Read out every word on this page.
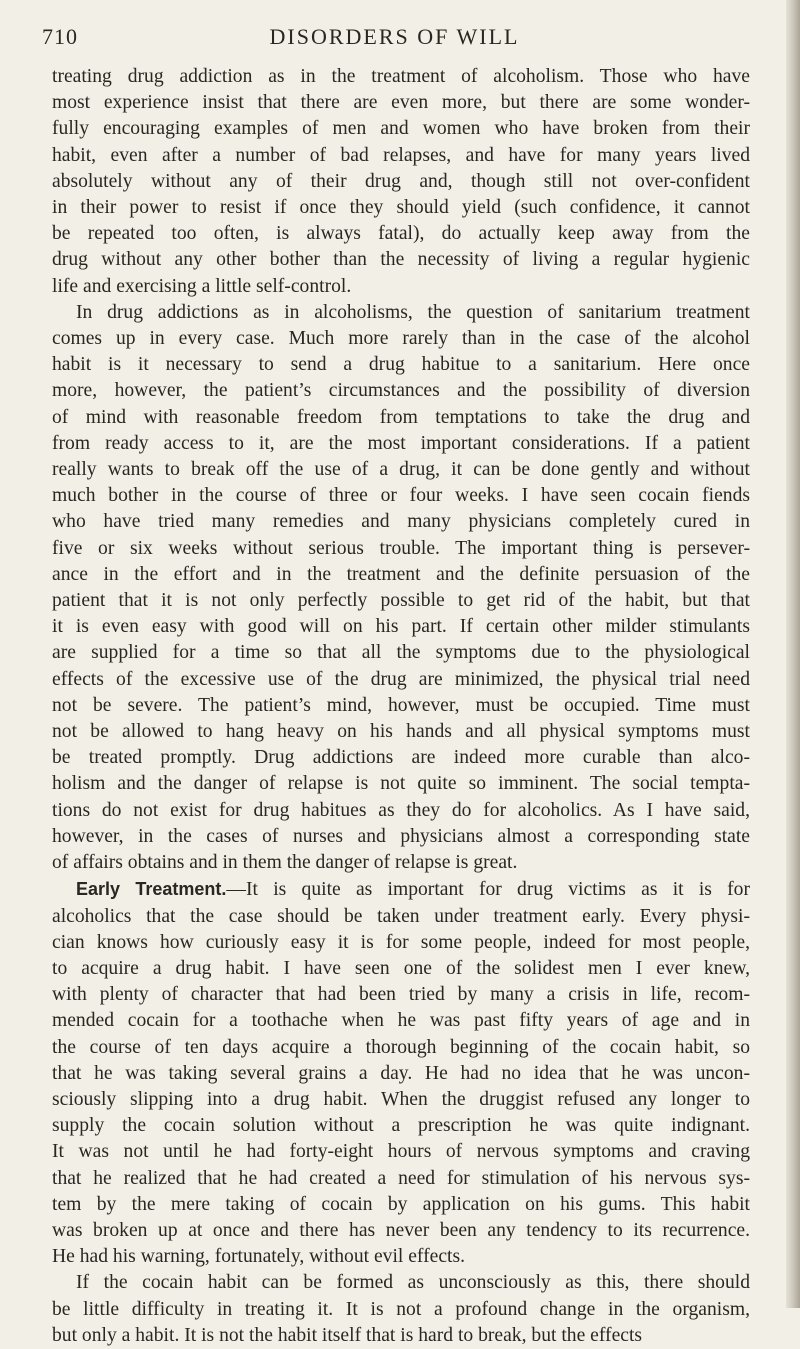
710	DISORDERS OF WILL
treating drug addiction as in the treatment of alcoholism. Those who have
most experience insist that there are even more, but there are some wonder-
fully encouraging examples of men and women who have broken from their
habit, even after a number of bad relapses, and have for many years lived
absolutely without any of their drug and, though still not over-confident
in their power to resist if once they should yield (such confidence, it cannot
be repeated too often, is always fatal), do actually keep away from the
drug without any other bother than the necessity of living a regular hygienic
life and exercising a little self-control.
In drug addictions as in alcoholisms, the question of sanitarium treatment
comes up in every case. Much more rarely than in the case of the alcohol
habit is it necessary to send a drug habitue to a sanitarium. Here once
more, however, the patient’s circumstances and the possibility of diversion
of mind with reasonable freedom from temptations to take the drug and
from ready access to it, are the most important considerations. If a patient
really wants to break off the use of a drug, it can be done gently and without
much bother in the course of three or four weeks. I have seen cocain fiends
who have tried many remedies and many physicians completely cured in
five or six weeks without serious trouble. The important thing is persever-
ance in the effort and in the treatment and the definite persuasion of the
patient that it is not only perfectly possible to get rid of the habit, but that
it is even easy with good will on his part. If certain other milder stimulants
are supplied for a time so that all the symptoms due to the physiological
effects of the excessive use of the drug are minimized, the physical trial need
not be severe. The patient’s mind, however, must be occupied. Time must
not be allowed to hang heavy on his hands and all physical symptoms must
be treated promptly. Drug addictions are indeed more curable than alco-
holism and the danger of relapse is not quite so imminent. The social tempta-
tions do not exist for drug habitues as they do for alcoholics. As I have said,
however, in the cases of nurses and physicians almost a corresponding state
of affairs obtains and in them the danger of relapse is great.
Early Treatment.—It is quite as important for drug victims as it is for
alcoholics that the case should be taken under treatment early. Every physi-
cian knows how curiously easy it is for some people, indeed for most people,
to acquire a drug habit. I have seen one of the solidest men I ever knew,
with plenty of character that had been tried by many a crisis in life, recom-
mended cocain for a toothache when he was past fifty years of age and in
the course of ten days acquire a thorough beginning of the cocain habit, so
that he was taking several grains a day. He had no idea that he was uncon-
sciously slipping into a drug habit. When the druggist refused any longer to
supply the cocain solution without a prescription he was quite indignant.
It was not until he had forty-eight hours of nervous symptoms and craving
that he realized that he had created a need for stimulation of his nervous sys-
tem by the mere taking of cocain by application on his gums. This habit
was broken up at once and there has never been any tendency to its recurrence.
He had his warning, fortunately, without evil effects.
If the cocain habit can be formed as unconsciously as this, there should
be little difficulty in treating it. It is not a profound change in the organism,
but only a habit. It is not the habit itself that is hard to break, but the effects
